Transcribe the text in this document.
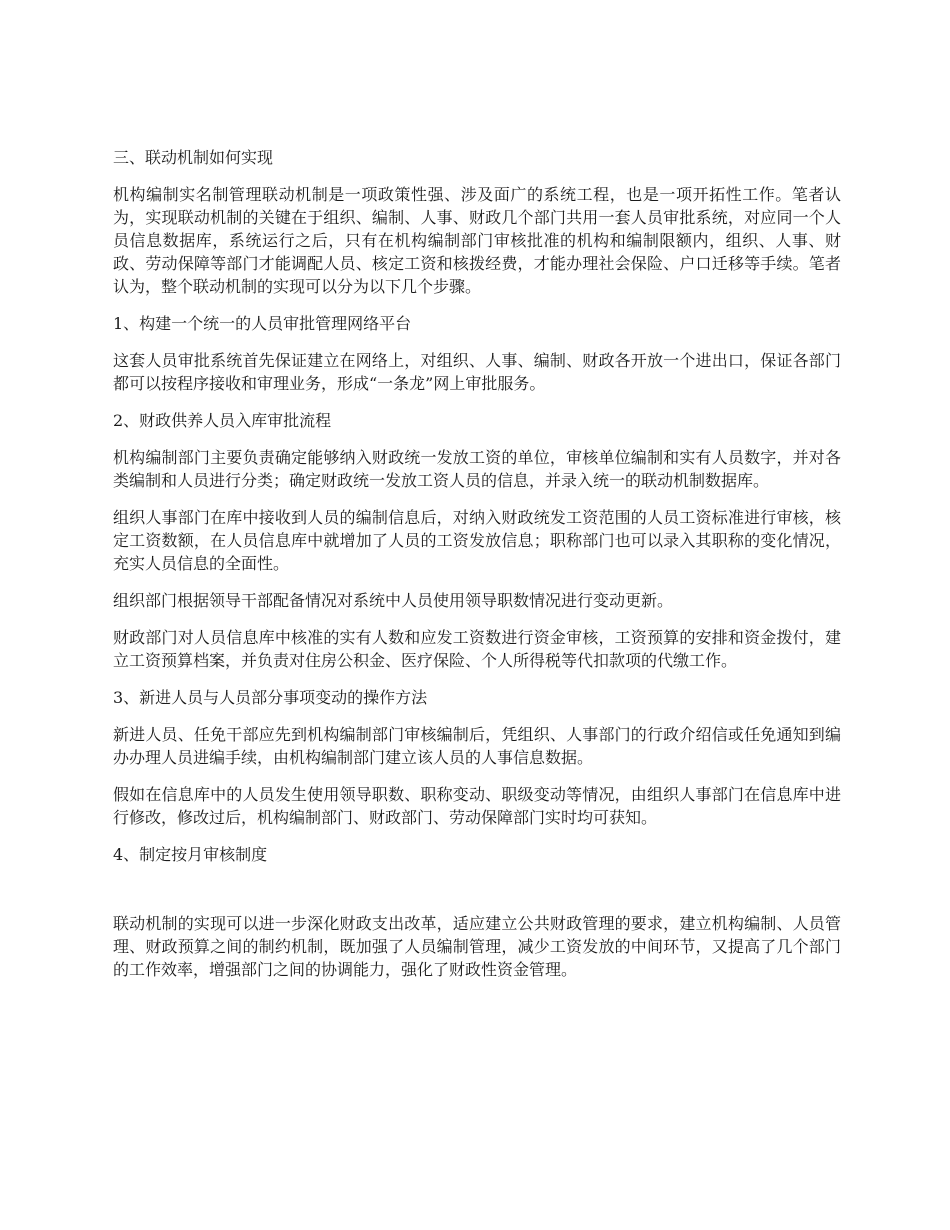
三、联动机制如何实现

机构编制实名制管理联动机制是一项政策性强、涉及面广的系统工程，也是一项开拓性工作。笔者认为，实现联动机制的关键在于组织、编制、人事、财政几个部门共用一套人员审批系统，对应同一个人员信息数据库，系统运行之后，只有在机构编制部门审核批准的机构和编制限额内，组织、人事、财政、劳动保障等部门才能调配人员、核定工资和核拨经费，才能办理社会保险、户口迁移等手续。笔者认为，整个联动机制的实现可以分为以下几个步骤。

1、构建一个统一的人员审批管理网络平台

这套人员审批系统首先保证建立在网络上，对组织、人事、编制、财政各开放一个进出口，保证各部门都可以按程序接收和审理业务，形成“一条龙”网上审批服务。

2、财政供养人员入库审批流程

机构编制部门主要负责确定能够纳入财政统一发放工资的单位，审核单位编制和实有人员数字，并对各类编制和人员进行分类；确定财政统一发放工资人员的信息，并录入统一的联动机制数据库。

组织人事部门在库中接收到人员的编制信息后，对纳入财政统发工资范围的人员工资标准进行审核，核定工资数额，在人员信息库中就增加了人员的工资发放信息；职称部门也可以录入其职称的变化情况，充实人员信息的全面性。

组织部门根据领导干部配备情况对系统中人员使用领导职数情况进行变动更新。

财政部门对人员信息库中核准的实有人数和应发工资数进行资金审核，工资预算的安排和资金拨付，建立工资预算档案，并负责对住房公积金、医疗保险、个人所得税等代扣款项的代缴工作。

3、新进人员与人员部分事项变动的操作方法

新进人员、任免干部应先到机构编制部门审核编制后，凭组织、人事部门的行政介绍信或任免通知到编办办理人员进编手续，由机构编制部门建立该人员的人事信息数据。

假如在信息库中的人员发生使用领导职数、职称变动、职级变动等情况，由组织人事部门在信息库中进行修改，修改过后，机构编制部门、财政部门、劳动保障部门实时均可获知。

4、制定按月审核制度

联动机制的实现可以进一步深化财政支出改革，适应建立公共财政管理的要求，建立机构编制、人员管理、财政预算之间的制约机制，既加强了人员编制管理，减少工资发放的中间环节，又提高了几个部门的工作效率，增强部门之间的协调能力，强化了财政性资金管理。
